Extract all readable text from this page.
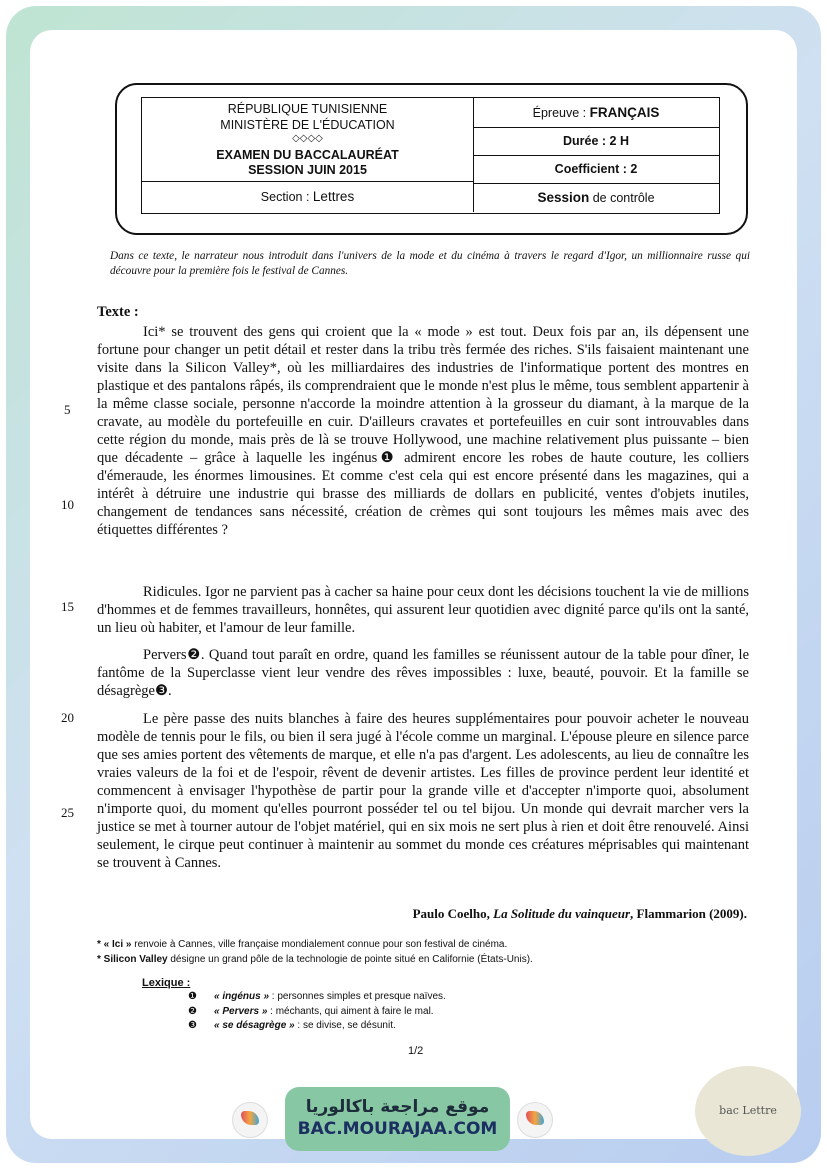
RÉPUBLIQUE TUNISIENNE
MINISTÈRE DE L'ÉDUCATION
◇◇◇◇
EXAMEN DU BACCALAURÉAT
SESSION JUIN 2015
Section : Lettres
Épreuve : FRANÇAIS
Durée : 2 H
Coefficient : 2
Session de contrôle
Dans ce texte, le narrateur nous introduit dans l'univers de la mode et du cinéma à travers le regard d'Igor, un millionnaire russe qui découvre pour la première fois le festival de Cannes.
Texte :
Ici* se trouvent des gens qui croient que la « mode » est tout. Deux fois par an, ils dépensent une fortune pour changer un petit détail et rester dans la tribu très fermée des riches. S'ils faisaient maintenant une visite dans la Silicon Valley*, où les milliardaires des industries de l'informatique portent des montres en plastique et des pantalons râpés, ils comprendraient que le monde n'est plus le même, tous semblent appartenir à la même classe sociale, personne n'accorde la moindre attention à la grosseur du diamant, à la marque de la cravate, au modèle du portefeuille en cuir. D'ailleurs cravates et portefeuilles en cuir sont introuvables dans cette région du monde, mais près de là se trouve Hollywood, une machine relativement plus puissante – bien que décadente – grâce à laquelle les ingénus❶ admirent encore les robes de haute couture, les colliers d'émeraude, les énormes limousines. Et comme c'est cela qui est encore présenté dans les magazines, qui a intérêt à détruire une industrie qui brasse des milliards de dollars en publicité, ventes d'objets inutiles, changement de tendances sans nécessité, création de crèmes qui sont toujours les mêmes mais avec des étiquettes différentes ?
Ridicules. Igor ne parvient pas à cacher sa haine pour ceux dont les décisions touchent la vie de millions d'hommes et de femmes travailleurs, honnêtes, qui assurent leur quotidien avec dignité parce qu'ils ont la santé, un lieu où habiter, et l'amour de leur famille.
Pervers❷. Quand tout paraît en ordre, quand les familles se réunissent autour de la table pour dîner, le fantôme de la Superclasse vient leur vendre des rêves impossibles : luxe, beauté, pouvoir. Et la famille se désagrège❸.
Le père passe des nuits blanches à faire des heures supplémentaires pour pouvoir acheter le nouveau modèle de tennis pour le fils, ou bien il sera jugé à l'école comme un marginal. L'épouse pleure en silence parce que ses amies portent des vêtements de marque, et elle n'a pas d'argent. Les adolescents, au lieu de connaître les vraies valeurs de la foi et de l'espoir, rêvent de devenir artistes. Les filles de province perdent leur identité et commencent à envisager l'hypothèse de partir pour la grande ville et d'accepter n'importe quoi, absolument n'importe quoi, du moment qu'elles pourront posséder tel ou tel bijou. Un monde qui devrait marcher vers la justice se met à tourner autour de l'objet matériel, qui en six mois ne sert plus à rien et doit être renouvelé. Ainsi seulement, le cirque peut continuer à maintenir au sommet du monde ces créatures méprisables qui maintenant se trouvent à Cannes.
5
10
15
20
25
Paulo Coelho, La Solitude du vainqueur, Flammarion (2009).
* « Ici » renvoie à Cannes, ville française mondialement connue pour son festival de cinéma.
* Silicon Valley désigne un grand pôle de la technologie de pointe situé en Californie (États-Unis).
Lexique :
❶ « ingénus » : personnes simples et presque naïves.
❷ « Pervers » : méchants, qui aiment à faire le mal.
❸ « se désagrège » : se divise, se désunit.
1/2
موقع مراجعة باكالوريا
BAC.MOURAJAA.COM
bac Lettre
